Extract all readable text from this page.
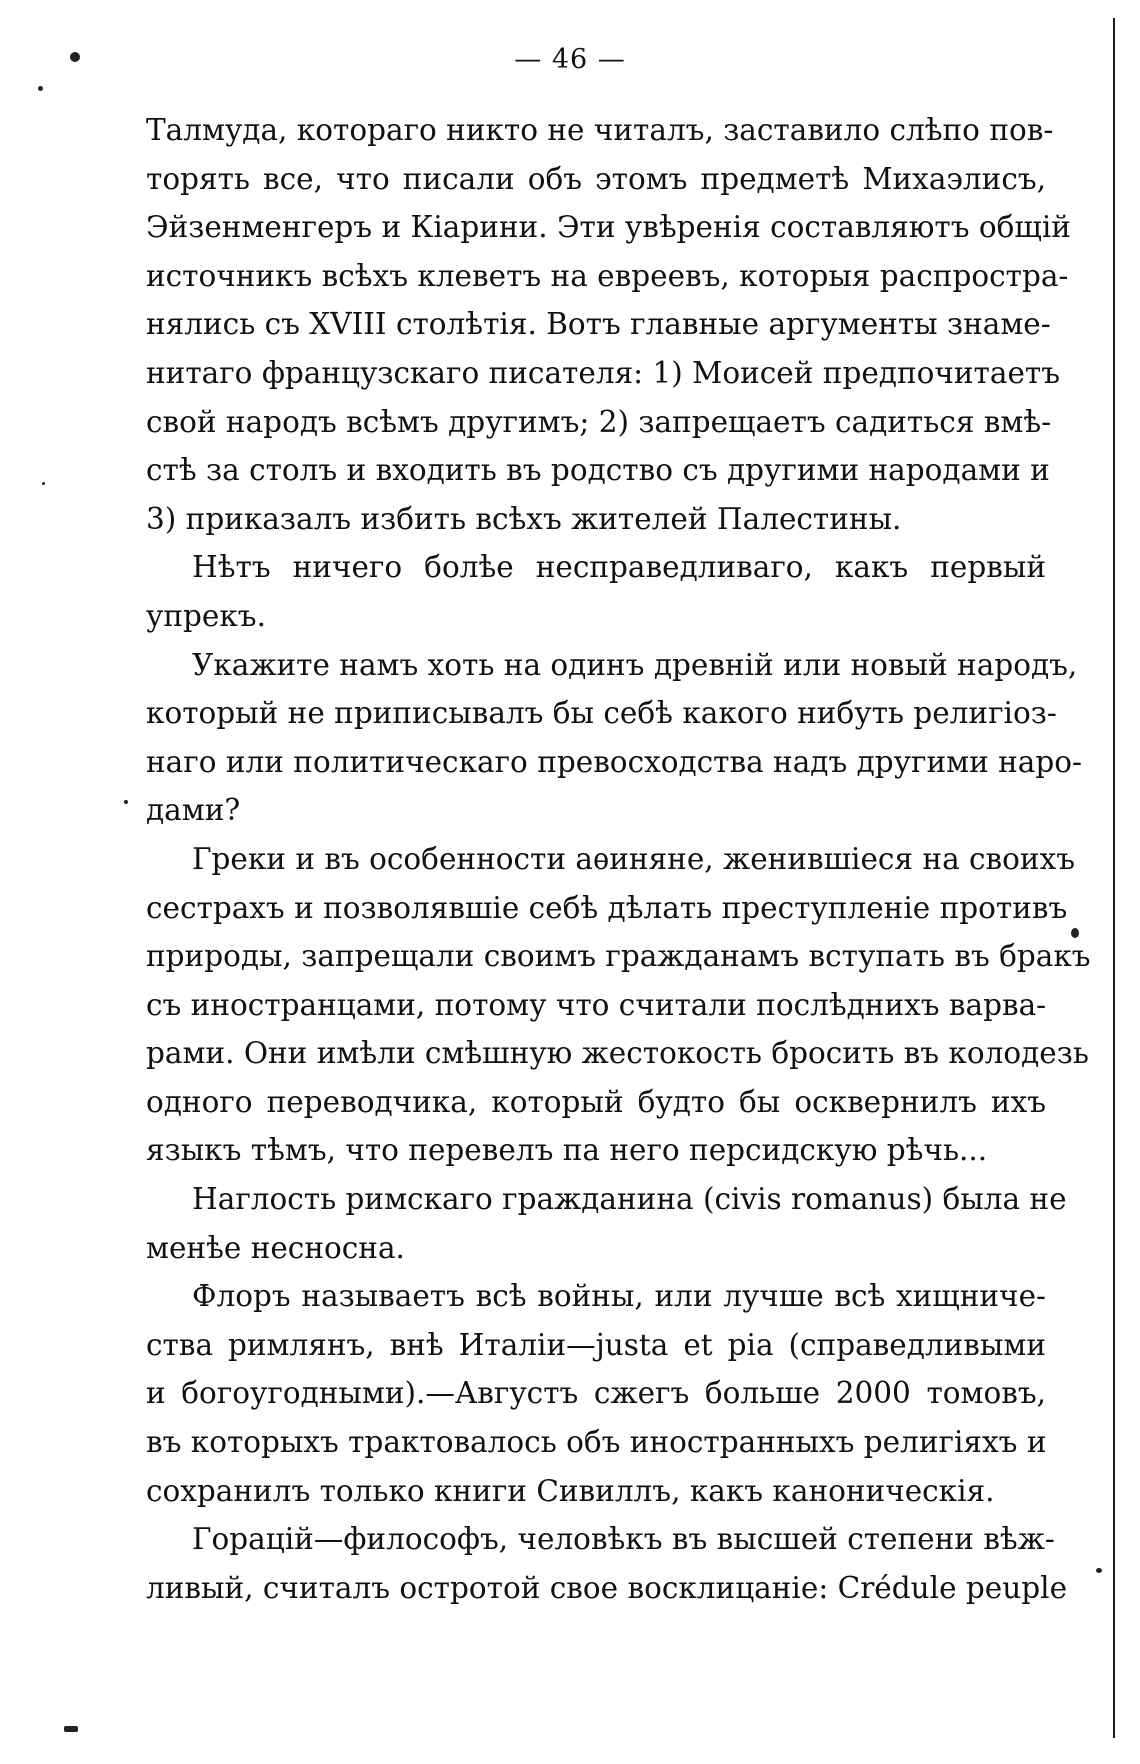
— 46 —
Талмуда, котораго никто не читалъ, заставило слѣпо пов-
торять все, что писали объ этомъ предметѣ Михаэлисъ,
Эйзенменгеръ и Кіарини. Эти увѣренія составляютъ общій
источникъ всѣхъ клеветъ на евреевъ, которыя распростра-
нялись съ XVIII столѣтія. Вотъ главные аргументы знаме-
нитаго французскаго писателя: 1) Моисей предпочитаетъ
свой народъ всѣмъ другимъ; 2) запрещаетъ садиться вмѣ-
стѣ за столъ и входить въ родство съ другими народами и
3) приказалъ избить всѣхъ жителей Палестины.
Нѣтъ ничего болѣе несправедливаго, какъ первый
упрекъ.
Укажите намъ хоть на одинъ древній или новый народъ,
который не приписывалъ бы себѣ какого нибуть религіоз-
наго или политическаго превосходства надъ другими наро-
дами?
Греки и въ особенности аѳиняне, женившіеся на своихъ
сестрахъ и позволявшіе себѣ дѣлать преступленіе противъ
природы, запрещали своимъ гражданамъ вступать въ бракъ
съ иностранцами, потому что считали послѣднихъ варва-
рами. Они имѣли смѣшную жестокость бросить въ колодезь
одного переводчика, который будто бы осквернилъ ихъ
языкъ тѣмъ, что перевелъ па него персидскую рѣчь...
Наглость римскаго гражданина (civis romanus) была не
менѣе несносна.
Флоръ называетъ всѣ войны, или лучше всѣ хищниче-
ства римлянъ, внѣ Италіи—justa et pia (справедливыми
и богоугодными).—Августъ сжегъ больше 2000 томовъ,
въ которыхъ трактовалось объ иностранныхъ религіяхъ и
сохранилъ только книги Сивиллъ, какъ каноническія.
Горацій—философъ, человѣкъ въ высшей степени вѣж-
ливый, считалъ остротой свое восклицаніе: Crédule peuple
